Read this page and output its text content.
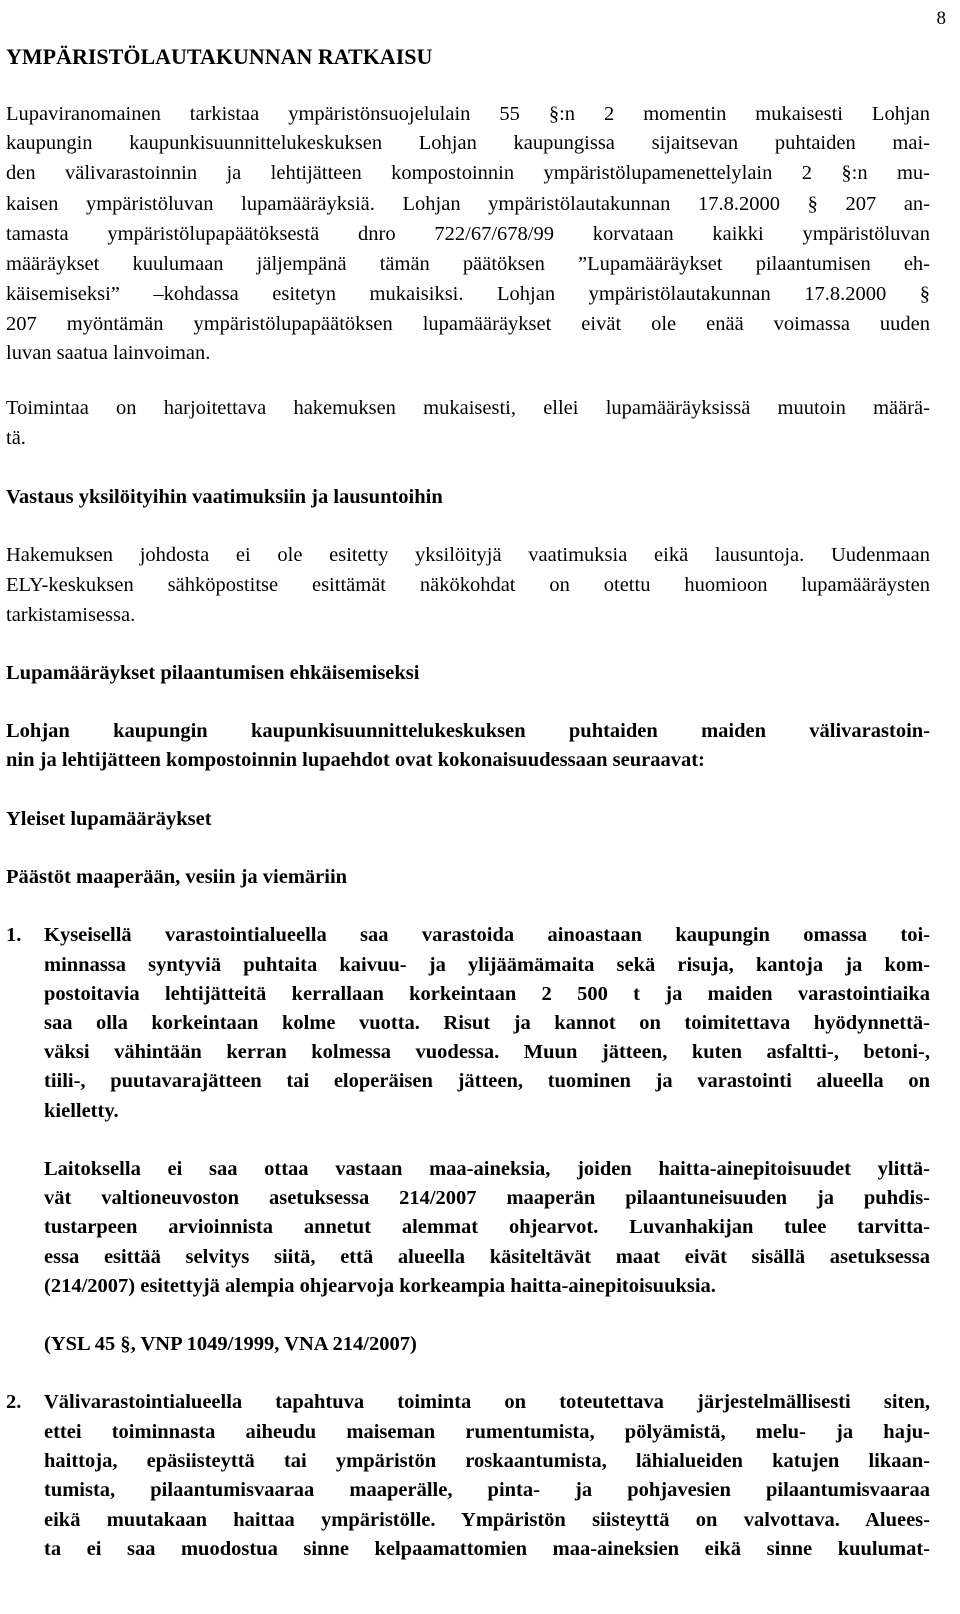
8
YMPÄRISTÖLAUTAKUNNAN RATKAISU
Lupaviranomainen tarkistaa ympäristönsuojelulain 55 §:n 2 momentin mukaisesti Lohjan
kaupungin kaupunkisuunnittelukeskuksen Lohjan kaupungissa sijaitsevan puhtaiden mai-
den välivarastoinnin ja lehtijätteen kompostoinnin ympäristölupamenettelylain 2 §:n mu-
kaisen ympäristöluvan lupamääräyksiä. Lohjan ympäristölautakunnan 17.8.2000 § 207 an-
tamasta ympäristölupapäätöksestä dnro 722/67/678/99 korvataan kaikki ympäristöluvan
määräykset kuulumaan jäljempänä tämän päätöksen ”Lupamääräykset pilaantumisen eh-
käisemiseksi” –kohdassa esitetyn mukaisiksi. Lohjan ympäristölautakunnan 17.8.2000 §
207 myöntämän ympäristölupapäätöksen lupamääräykset eivät ole enää voimassa uuden
luvan saatua lainvoiman.
Toimintaa on harjoitettava hakemuksen mukaisesti, ellei lupamääräyksissä muutoin määrä-
tä.
Vastaus yksilöityihin vaatimuksiin ja lausuntoihin
Hakemuksen johdosta ei ole esitetty yksilöityjä vaatimuksia eikä lausuntoja. Uudenmaan
ELY-keskuksen sähköpostitse esittämät näkökohdat on otettu huomioon lupamääräysten
tarkistamisessa.
Lupamääräykset pilaantumisen ehkäisemiseksi
Lohjan kaupungin kaupunkisuunnittelukeskuksen puhtaiden maiden välivarastoin-
nin ja lehtijätteen kompostoinnin lupaehdot ovat kokonaisuudessaan seuraavat:
Yleiset lupamääräykset
Päästöt maaperään, vesiin ja viemäriin
1. Kyseisellä varastointialueella saa varastoida ainoastaan kaupungin omassa toi-
minnassa syntyviä puhtaita kaivuu- ja ylijäämämaita sekä risuja, kantoja ja kom-
postoitavia lehtijätteitä kerrallaan korkeintaan 2 500 t ja maiden varastointiaika
saa olla korkeintaan kolme vuotta. Risut ja kannot on toimitettava hyödynnettä-
väksi vähintään kerran kolmessa vuodessa. Muun jätteen, kuten asfaltti-, betoni-,
tiili-, puutavarajätteen tai eloperäisen jätteen, tuominen ja varastointi alueella on
kielletty.
Laitoksella ei saa ottaa vastaan maa-aineksia, joiden haitta-ainepitoisuudet ylittä-
vät valtioneuvoston asetuksessa 214/2007 maaperän pilaantuneisuuden ja puhdis-
tustarpeen arvioinnista annetut alemmat ohjearvot. Luvanhakijan tulee tarvitta-
essa esittää selvitys siitä, että alueella käsiteltävät maat eivät sisällä asetuksessa
(214/2007) esitettyjä alempia ohjearvoja korkeampia haitta-ainepitoisuuksia.
(YSL 45 §, VNP 1049/1999, VNA 214/2007)
2. Välivarastointialueella tapahtuva toiminta on toteutettava järjestelmällisesti siten,
ettei toiminnasta aiheudu maiseman rumentumista, pölyämistä, melu- ja haju-
haittoja, epäsiisteyttä tai ympäristön roskaantumista, lähialueiden katujen likaan-
tumista, pilaantumisvaaraa maaperälle, pinta- ja pohjavesien pilaantumisvaaraa
eikä muutakaan haittaa ympäristölle. Ympäristön siisteyttä on valvottava. Aluees-
ta ei saa muodostua sinne kelpaamattomien maa-aineksien eikä sinne kuulumat-
